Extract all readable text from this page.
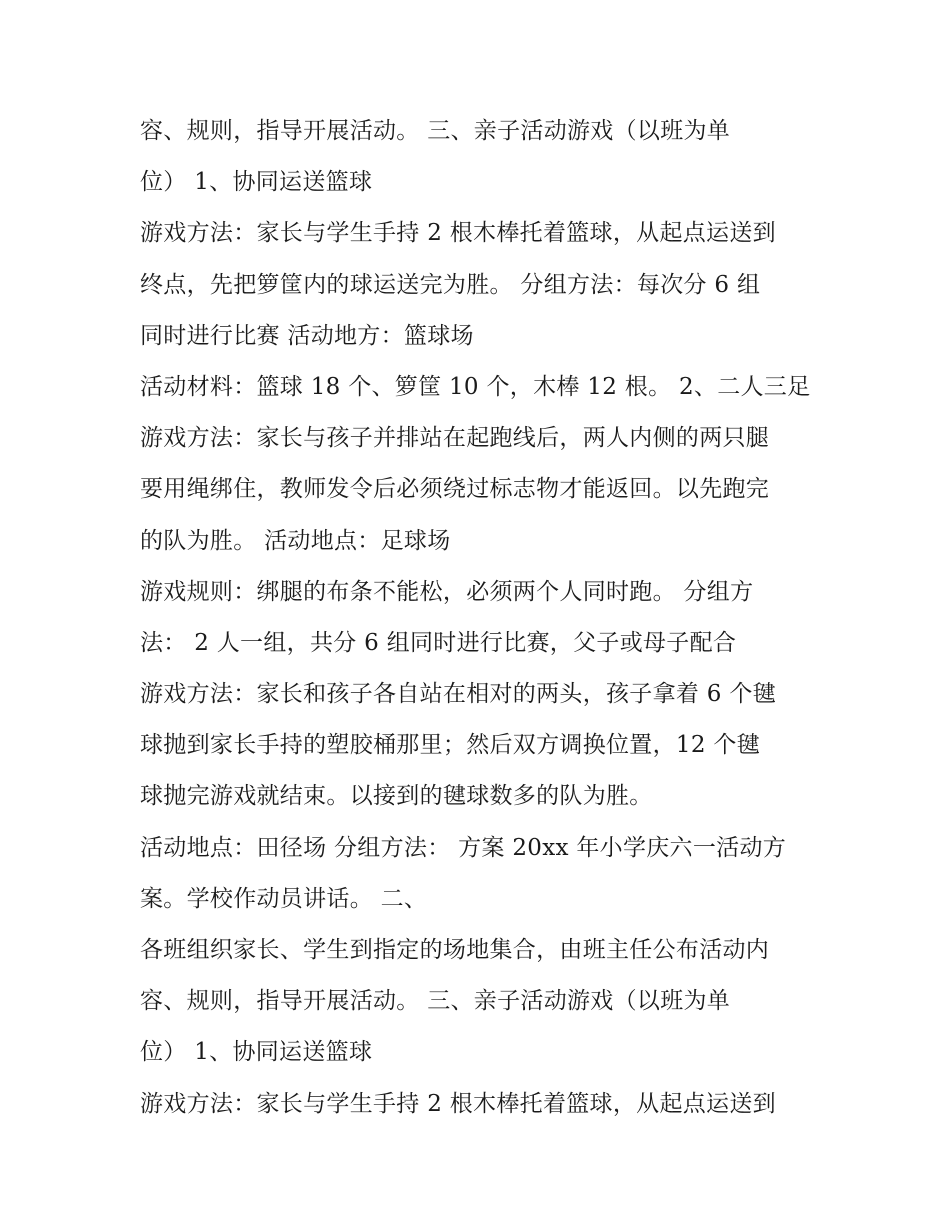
容、规则，指导开展活动。 三、亲子活动游戏（以班为单
位） 1、协同运送篮球
游戏方法：家长与学生手持 2 根木棒托着篮球，从起点运送到
终点，先把箩筐内的球运送完为胜。 分组方法：每次分 6 组
同时进行比赛 活动地方：篮球场
活动材料：篮球 18 个、箩筐 10 个，木棒 12 根。 2、二人三足
游戏方法：家长与孩子并排站在起跑线后，两人内侧的两只腿
要用绳绑住，教师发令后必须绕过标志物才能返回。以先跑完
的队为胜。 活动地点：足球场
游戏规则：绑腿的布条不能松，必须两个人同时跑。 分组方
法： 2 人一组，共分 6 组同时进行比赛，父子或母子配合
游戏方法：家长和孩子各自站在相对的两头，孩子拿着 6 个毽
球抛到家长手持的塑胶桶那里；然后双方调换位置，12 个毽
球抛完游戏就结束。以接到的毽球数多的队为胜。
活动地点：田径场 分组方法： 方案 20xx 年小学庆六一活动方
案。学校作动员讲话。 二、
各班组织家长、学生到指定的场地集合，由班主任公布活动内
容、规则，指导开展活动。 三、亲子活动游戏（以班为单
位） 1、协同运送篮球
游戏方法：家长与学生手持 2 根木棒托着篮球，从起点运送到
